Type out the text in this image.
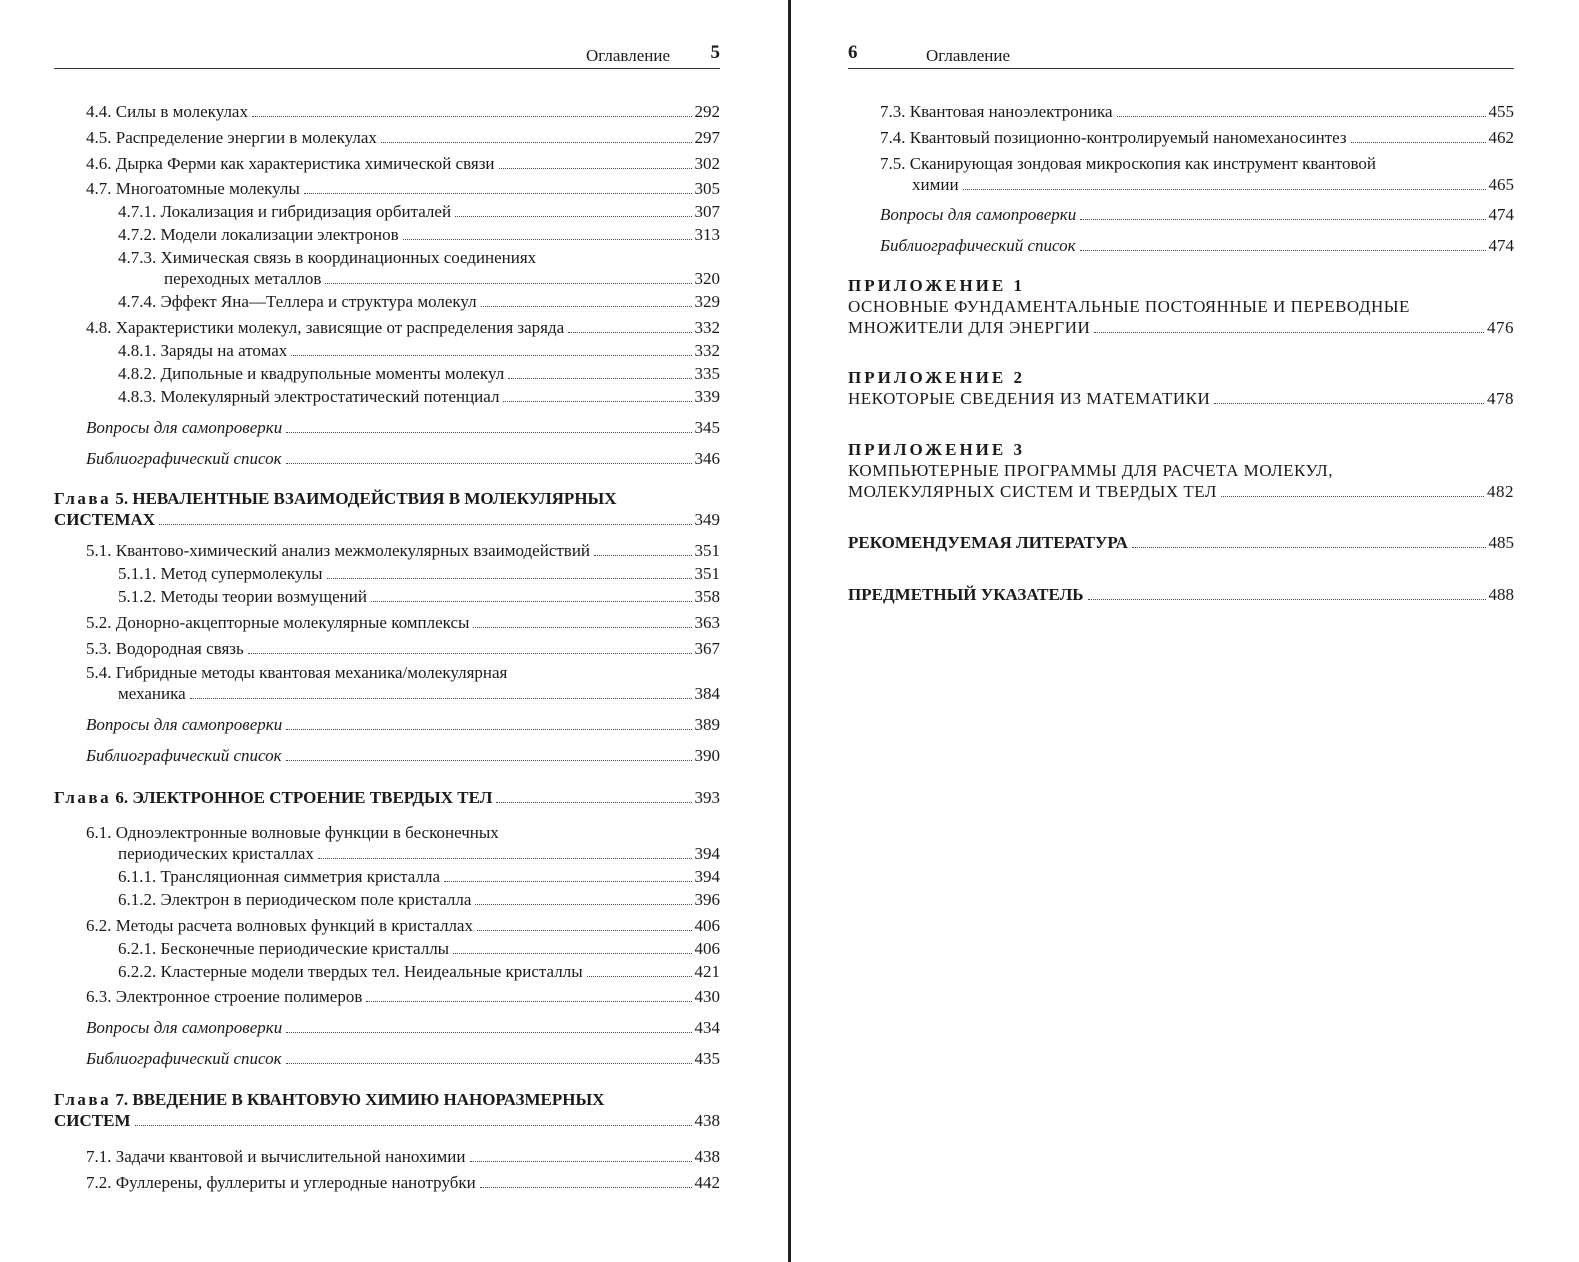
Оглавление 5
4.4. Силы в молекулах	292
4.5. Распределение энергии в молекулах	297
4.6. Дырка Ферми как характеристика химической связи	302
4.7. Многоатомные молекулы	305
4.7.1. Локализация и гибридизация орбиталей	307
4.7.2. Модели локализации электронов	313
4.7.3. Химическая связь в координационных соединениях
переходных металлов	320
4.7.4. Эффект Яна—Теллера и структура молекул	329
4.8. Характеристики молекул, зависящие от распределения заряда	332
4.8.1. Заряды на атомах	332
4.8.2. Дипольные и квадрупольные моменты молекул	335
4.8.3. Молекулярный электростатический потенциал	339
Вопросы для самопроверки	345
Библиографический список	346
Глава 5. НЕВАЛЕНТНЫЕ ВЗАИМОДЕЙСТВИЯ В МОЛЕКУЛЯРНЫХ
СИСТЕМАХ	349
5.1. Квантово-химический анализ межмолекулярных взаимодействий	351
5.1.1. Метод супермолекулы	351
5.1.2. Методы теории возмущений	358
5.2. Донорно-акцепторные молекулярные комплексы	363
5.3. Водородная связь	367
5.4. Гибридные методы квантовая механика/молекулярная
механика	384
Вопросы для самопроверки	389
Библиографический список	390
Глава 6. ЭЛЕКТРОННОЕ СТРОЕНИЕ ТВЕРДЫХ ТЕЛ	393
6.1. Одноэлектронные волновые функции в бесконечных
периодических кристаллах	394
6.1.1. Трансляционная симметрия кристалла	394
6.1.2. Электрон в периодическом поле кристалла	396
6.2. Методы расчета волновых функций в кристаллах	406
6.2.1. Бесконечные периодические кристаллы	406
6.2.2. Кластерные модели твердых тел. Неидеальные кристаллы	421
6.3. Электронное строение полимеров	430
Вопросы для самопроверки	434
Библиографический список	435
Глава 7. ВВЕДЕНИЕ В КВАНТОВУЮ ХИМИЮ НАНОРАЗМЕРНЫХ
СИСТЕМ	438
7.1. Задачи квантовой и вычислительной нанохимии	438
7.2. Фуллерены, фуллериты и углеродные нанотрубки	442
6	Оглавление
7.3. Квантовая наноэлектроника	455
7.4. Квантовый позиционно-контролируемый наномеханосинтез	462
7.5. Сканирующая зондовая микроскопия как инструмент квантовой
химии	465
Вопросы для самопроверки	474
Библиографический список	474
ПРИЛОЖЕНИЕ 1
ОСНОВНЫЕ ФУНДАМЕНТАЛЬНЫЕ ПОСТОЯННЫЕ И ПЕРЕВОДНЫЕ
МНОЖИТЕЛИ ДЛЯ ЭНЕРГИИ	476
ПРИЛОЖЕНИЕ 2
НЕКОТОРЫЕ СВЕДЕНИЯ ИЗ МАТЕМАТИКИ	478
ПРИЛОЖЕНИЕ 3
КОМПЬЮТЕРНЫЕ ПРОГРАММЫ ДЛЯ РАСЧЕТА МОЛЕКУЛ,
МОЛЕКУЛЯРНЫХ СИСТЕМ И ТВЕРДЫХ ТЕЛ	482
РЕКОМЕНДУЕМАЯ ЛИТЕРАТУРА	485
ПРЕДМЕТНЫЙ УКАЗАТЕЛЬ	488
